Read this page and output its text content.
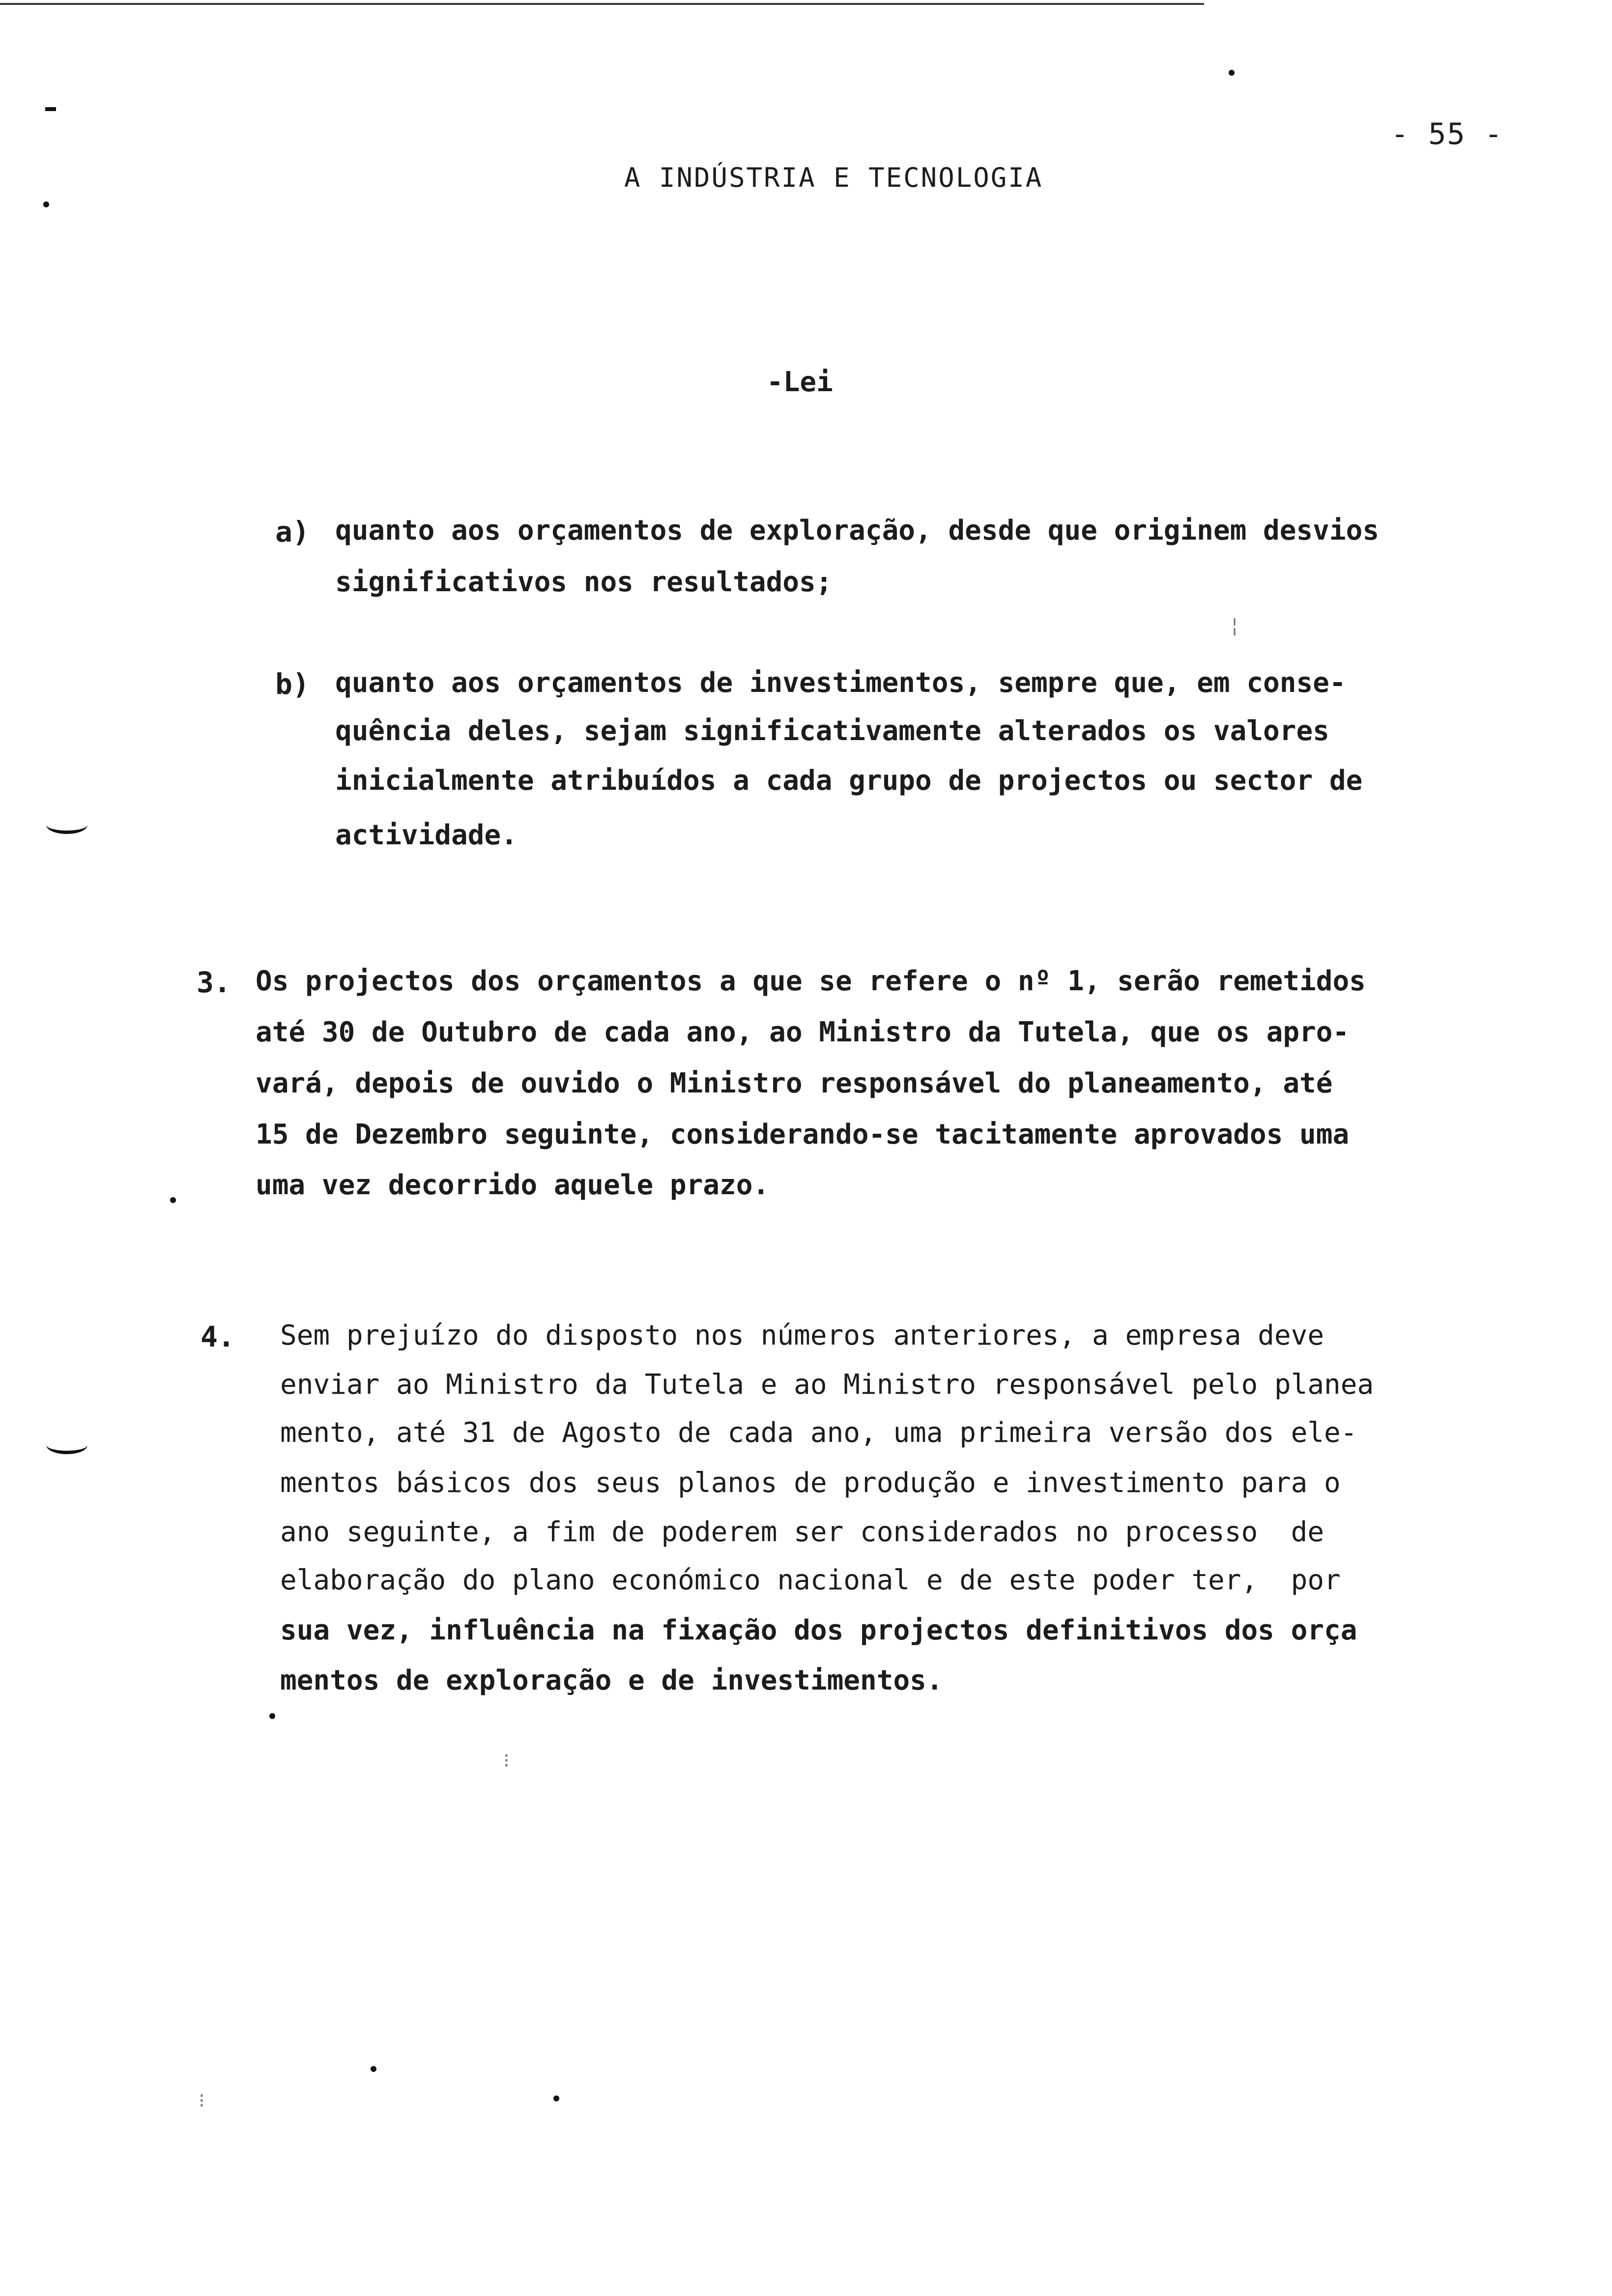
- 55 -
A INDÚSTRIA E TECNOLOGIA
-Lei
a) quanto aos orçamentos de exploração, desde que originem desvios
significativos nos resultados;
b) quanto aos orçamentos de investimentos, sempre que, em conse-
quência deles, sejam significativamente alterados os valores
inicialmente atribuídos a cada grupo de projectos ou sector de
actividade.
3. Os projectos dos orçamentos a que se refere o nº 1, serão remetidos
até 30 de Outubro de cada ano, ao Ministro da Tutela, que os apro-
vará, depois de ouvido o Ministro responsável do planeamento, até
15 de Dezembro seguinte, considerando-se tacitamente aprovados uma
uma vez decorrido aquele prazo.
4. Sem prejuízo do disposto nos números anteriores, a empresa deve
enviar ao Ministro da Tutela e ao Ministro responsável pelo planea
mento, até 31 de Agosto de cada ano, uma primeira versão dos ele-
mentos básicos dos seus planos de produção e investimento para o
ano seguinte, a fim de poderem ser considerados no processo  de
elaboração do plano económico nacional e de este poder ter,  por
sua vez, influência na fixação dos projectos definitivos dos orça
mentos de exploração e de investimentos.
⁝
⁝
¦
